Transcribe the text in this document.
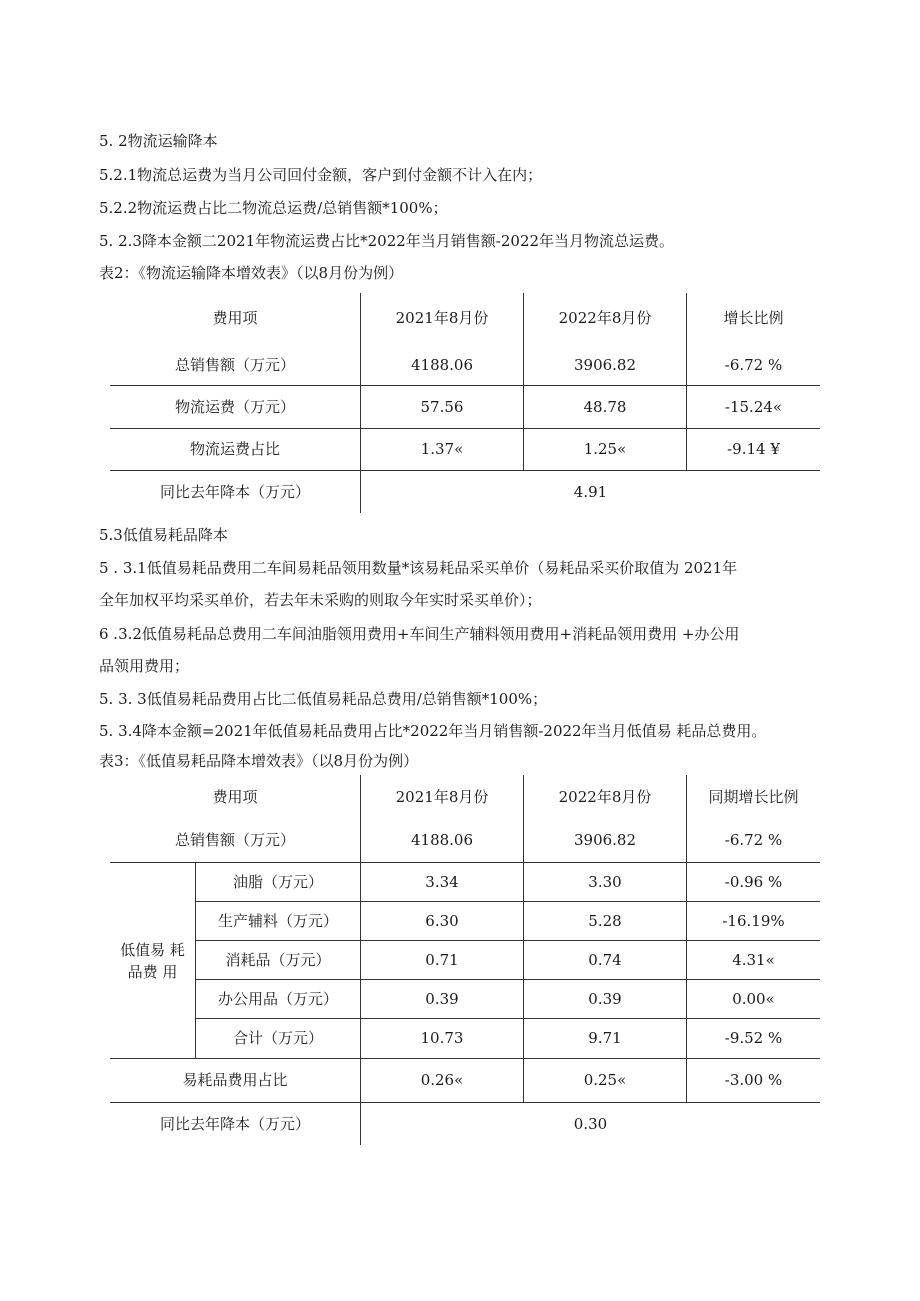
5. 2物流运输降本
5.2.1物流总运费为当月公司回付金额，客户到付金额不计入在内；
5.2.2物流运费占比二物流总运费/总销售额*100%；
5. 2.3降本金额二2021年物流运费占比*2022年当月销售额-2022年当月物流总运费。
表2：《物流运输降本增效表》（以8月份为例）
费用项	2021年8月份	2022年8月份	增长比例
总销售额（万元）	4188.06	3906.82	-6.72 %
物流运费（万元）	57.56	48.78	-15.24«
物流运费占比	1.37«	1.25«	-9.14 ¥
同比去年降本（万元）	4.91
5.3低值易耗品降本
5 . 3.1低值易耗品费用二车间易耗品领用数量*该易耗品采买单价（易耗品采买价取值为 2021年
全年加权平均采买单价，若去年未采购的则取今年实时采买单价）；
6 .3.2低值易耗品总费用二车间油脂领用费用+车间生产辅料领用费用+消耗品领用费用 +办公用
品领用费用；
5. 3. 3低值易耗品费用占比二低值易耗品总费用/总销售额*100%；
5. 3.4降本金额=2021年低值易耗品费用占比*2022年当月销售额-2022年当月低值易 耗品总费用。
表3：《低值易耗品降本增效表》（以8月份为例）
费用项	2021年8月份	2022年8月份	同期增长比例
总销售额（万元）	4188.06	3906.82	-6.72 %
低值易 耗
品费 用
油脂（万元）	3.34	3.30	-0.96 %
生产辅料（万元）	6.30	5.28	-16.19%
消耗品（万元）	0.71	0.74	4.31«
办公用品（万元）	0.39	0.39	0.00«
合计（万元）	10.73	9.71	-9.52 %
易耗品费用占比	0.26«	0.25«	-3.00 %
同比去年降本（万元）	0.30
